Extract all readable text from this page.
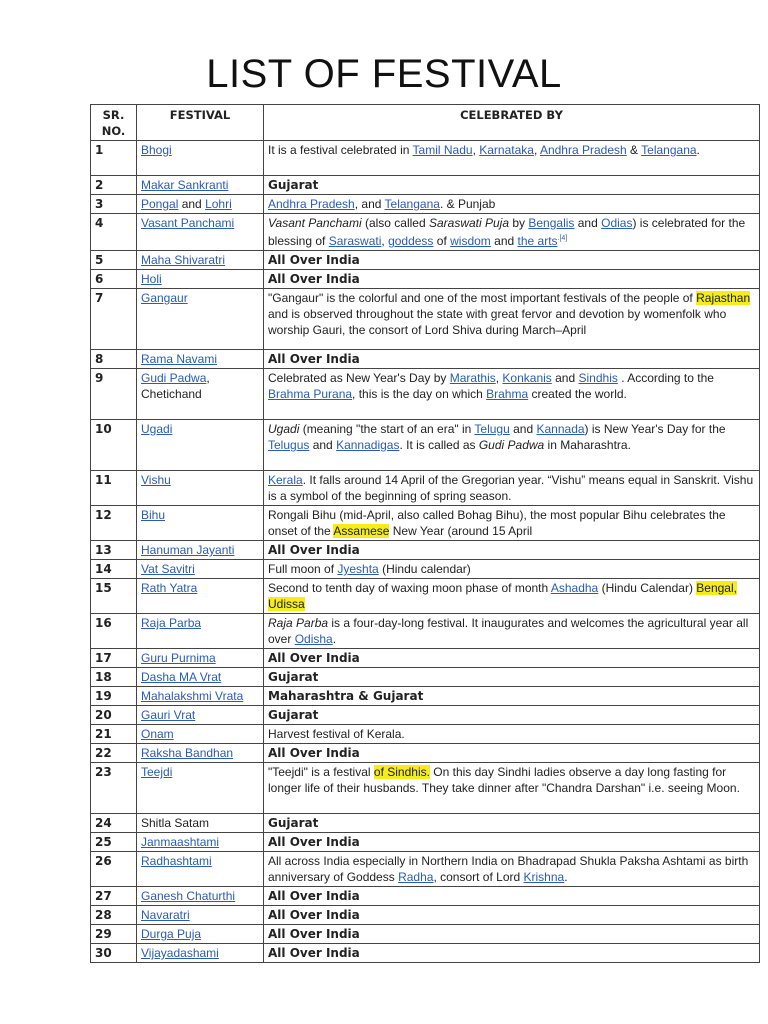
LIST OF FESTIVAL
SR. NO.	FESTIVAL	CELEBRATED BY
1	Bhogi	It is a festival celebrated in Tamil Nadu, Karnataka, Andhra Pradesh & Telangana.
2	Makar Sankranti	Gujarat
3	Pongal and Lohri	Andhra Pradesh, and Telangana. & Punjab
4	Vasant Panchami	Vasant Panchami (also called Saraswati Puja by Bengalis and Odias) is celebrated for the blessing of Saraswati, goddess of wisdom and the arts$^{.[4]}$
5	Maha Shivaratri	All Over India
6	Holi	All Over India
7	Gangaur	"Gangaur" is the colorful and one of the most important festivals of the people of Rajasthan and is observed throughout the state with great fervor and devotion by womenfolk who worship Gauri, the consort of Lord Shiva during March–April
8	Rama Navami	All Over India
9	Gudi Padwa, Chetichand	Celebrated as New Year's Day by Marathis, Konkanis and Sindhis . According to the Brahma Purana, this is the day on which Brahma created the world.
10	Ugadi	Ugadi (meaning "the start of an era" in Telugu and Kannada) is New Year's Day for the Telugus and Kannadigas. It is called as Gudi Padwa in Maharashtra.
11	Vishu	Kerala. It falls around 14 April of the Gregorian year. “Vishu” means equal in Sanskrit. Vishu is a symbol of the beginning of spring season.
12	Bihu	Rongali Bihu (mid-April, also called Bohag Bihu), the most popular Bihu celebrates the onset of the Assamese New Year (around 15 April
13	Hanuman Jayanti	All Over India
14	Vat Savitri	Full moon of Jyeshta (Hindu calendar)
15	Rath Yatra	Second to tenth day of waxing moon phase of month Ashadha (Hindu Calendar) Bengal, Udissa
16	Raja Parba	Raja Parba is a four-day-long festival. It inaugurates and welcomes the agricultural year all over Odisha.
17	Guru Purnima	All Over India
18	Dasha MA Vrat	Gujarat
19	Mahalakshmi Vrata	Maharashtra & Gujarat
20	Gauri Vrat	Gujarat
21	Onam	Harvest festival of Kerala.
22	Raksha Bandhan	All Over India
23	Teejdi	"Teejdi" is a festival of Sindhis. On this day Sindhi ladies observe a day long fasting for longer life of their husbands. They take dinner after "Chandra Darshan" i.e. seeing Moon.
24	Shitla Satam	Gujarat
25	Janmaashtami	All Over India
26	Radhashtami	All across India especially in Northern India on Bhadrapad Shukla Paksha Ashtami as birth anniversary of Goddess Radha, consort of Lord Krishna.
27	Ganesh Chaturthi	All Over India
28	Navaratri	All Over India
29	Durga Puja	All Over India
30	Vijayadashami	All Over India
